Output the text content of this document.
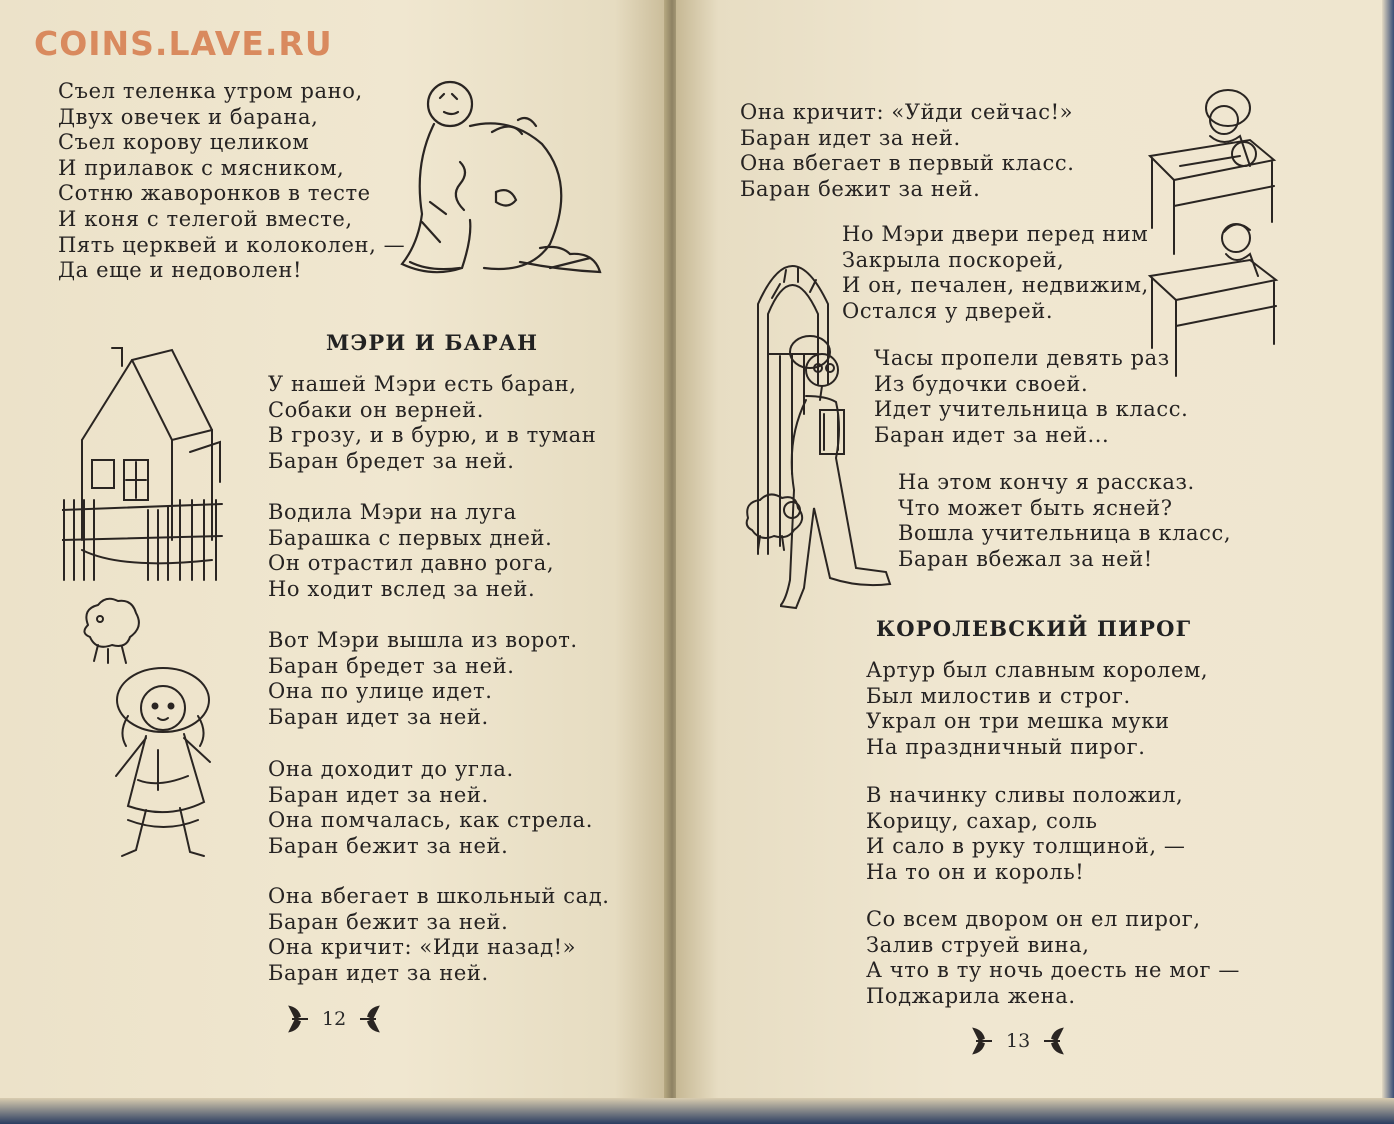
COINS.LAVE.RU
Съел теленка утром рано,
Двух овечек и барана,
Съел корову целиком
И прилавок с мясником,
Сотню жаворонков в тесте
И коня с телегой вместе,
Пять церквей и колоколен, —
Да еще и недоволен!
МЭРИ И БАРАН
У нашей Мэри есть баран,
Собаки он верней.
В грозу, и в бурю, и в туман
Баран бредет за ней.
Водила Мэри на луга
Барашка с первых дней.
Он отрастил давно рога,
Но ходит вслед за ней.
Вот Мэри вышла из ворот.
Баран бредет за ней.
Она по улице идет.
Баран идет за ней.
Она доходит до угла.
Баран идет за ней.
Она помчалась, как стрела.
Баран бежит за ней.
Она вбегает в школьный сад.
Баран бежит за ней.
Она кричит: «Иди назад!»
Баран идет за ней.
12
Она кричит: «Уйди сейчас!»
Баран идет за ней.
Она вбегает в первый класс.
Баран бежит за ней.
Но Мэри двери перед ним
Закрыла поскорей,
И он, печален, недвижим,
Остался у дверей.
Часы пропели девять раз
Из будочки своей.
Идет учительница в класс.
Баран идет за ней...
На этом кончу я рассказ.
Что может быть ясней?
Вошла учительница в класс,
Баран вбежал за ней!
КОРОЛЕВСКИЙ ПИРОГ
Артур был славным королем,
Был милостив и строг.
Украл он три мешка муки
На праздничный пирог.
В начинку сливы положил,
Корицу, сахар, соль
И сало в руку толщиной, —
На то он и король!
Со всем двором он ел пирог,
Залив струей вина,
А что в ту ночь доесть не мог —
Поджарила жена.
13
